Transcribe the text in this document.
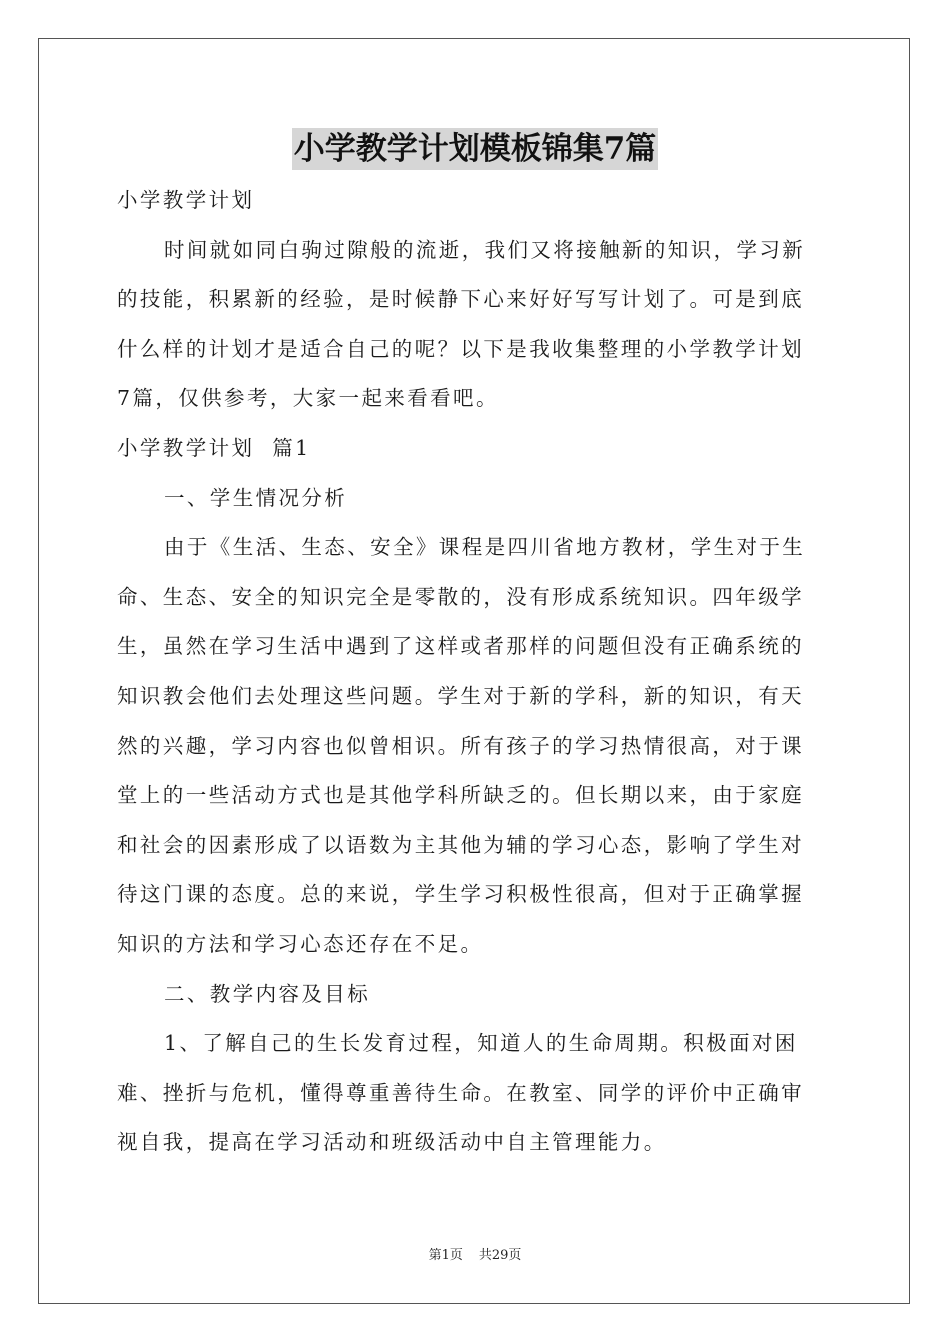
小学教学计划模板锦集7篇
小学教学计划
时间就如同白驹过隙般的流逝，我们又将接触新的知识，学习新
的技能，积累新的经验，是时候静下心来好好写写计划了。可是到底
什么样的计划才是适合自己的呢？以下是我收集整理的小学教学计划
7篇，仅供参考，大家一起来看看吧。
小学教学计划  篇1
一、学生情况分析
由于《生活、生态、安全》课程是四川省地方教材，学生对于生
命、生态、安全的知识完全是零散的，没有形成系统知识。四年级学
生，虽然在学习生活中遇到了这样或者那样的问题但没有正确系统的
知识教会他们去处理这些问题。学生对于新的学科，新的知识，有天
然的兴趣，学习内容也似曾相识。所有孩子的学习热情很高，对于课
堂上的一些活动方式也是其他学科所缺乏的。但长期以来，由于家庭
和社会的因素形成了以语数为主其他为辅的学习心态，影响了学生对
待这门课的态度。总的来说，学生学习积极性很高，但对于正确掌握
知识的方法和学习心态还存在不足。
二、教学内容及目标
1、了解自己的生长发育过程，知道人的生命周期。积极面对困
难、挫折与危机，懂得尊重善待生命。在教室、同学的评价中正确审
视自我，提高在学习活动和班级活动中自主管理能力。
第1页 共29页
